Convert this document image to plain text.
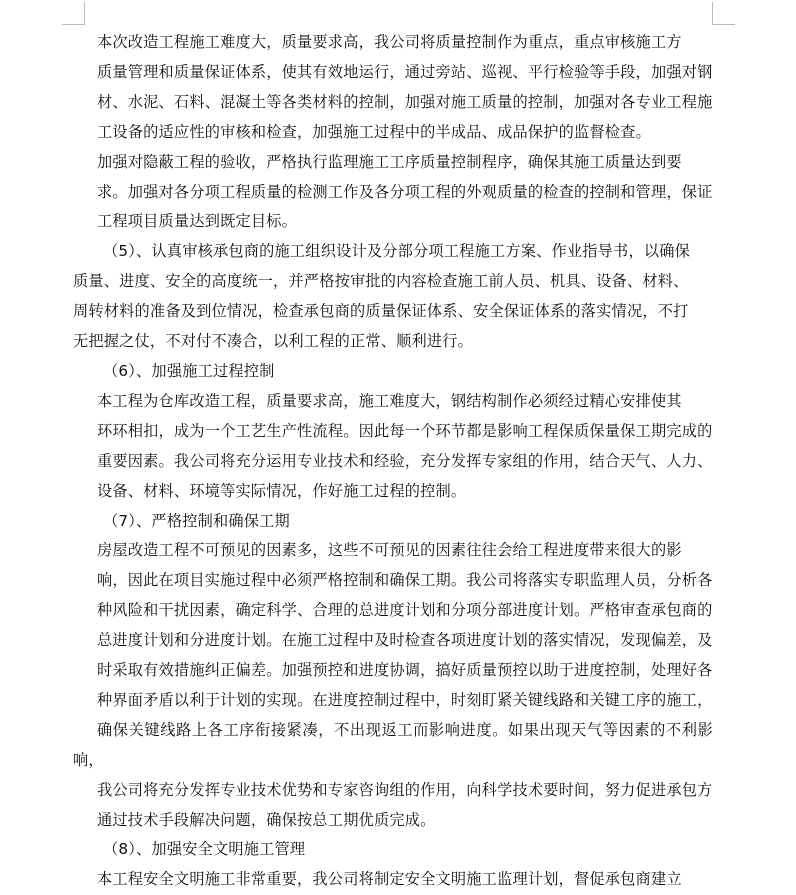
本次改造工程施工难度大，质量要求高，我公司将质量控制作为重点，重点审核施工方
质量管理和质量保证体系，使其有效地运行，通过旁站、巡视、平行检验等手段，加强对钢
材、水泥、石料、混凝土等各类材料的控制，加强对施工质量的控制，加强对各专业工程施
工设备的适应性的审核和检查，加强施工过程中的半成品、成品保护的监督检查。

加强对隐蔽工程的验收，严格执行监理施工工序质量控制程序，确保其施工质量达到要
求。加强对各分项工程质量的检测工作及各分项工程的外观质量的检查的控制和管理，保证
工程项目质量达到既定目标。

（5）、认真审核承包商的施工组织设计及分部分项工程施工方案、作业指导书，以确保

质量、进度、安全的高度统一，并严格按审批的内容检查施工前人员、机具、设备、材料、
周转材料的准备及到位情况，检查承包商的质量保证体系、安全保证体系的落实情况，不打
无把握之仗，不对付不凑合，以利工程的正常、顺利进行。

（6）、加强施工过程控制

本工程为仓库改造工程，质量要求高，施工难度大，钢结构制作必须经过精心安排使其
环环相扣，成为一个工艺生产性流程。因此每一个环节都是影响工程保质保量保工期完成的
重要因素。我公司将充分运用专业技术和经验，充分发挥专家组的作用，结合天气、人力、
设备、材料、环境等实际情况，作好施工过程的控制。

（7）、严格控制和确保工期

房屋改造工程不可预见的因素多，这些不可预见的因素往往会给工程进度带来很大的影
响，因此在项目实施过程中必须严格控制和确保工期。我公司将落实专职监理人员，分析各
种风险和干扰因素，确定科学、合理的总进度计划和分项分部进度计划。严格审查承包商的
总进度计划和分进度计划。在施工过程中及时检查各项进度计划的落实情况，发现偏差，及
时采取有效措施纠正偏差。加强预控和进度协调，搞好质量预控以助于进度控制，处理好各
种界面矛盾以利于计划的实现。在进度控制过程中，时刻盯紧关键线路和关键工序的施工，
确保关键线路上各工序衔接紧凑，不出现返工而影响进度。如果出现天气等因素的不利影响，
我公司将充分发挥专业技术优势和专家咨询组的作用，向科学技术要时间，努力促进承包方
通过技术手段解决问题，确保按总工期优质完成。

（8）、加强安全文明施工管理

本工程安全文明施工非常重要，我公司将制定安全文明施工监理计划，督促承包商建立
